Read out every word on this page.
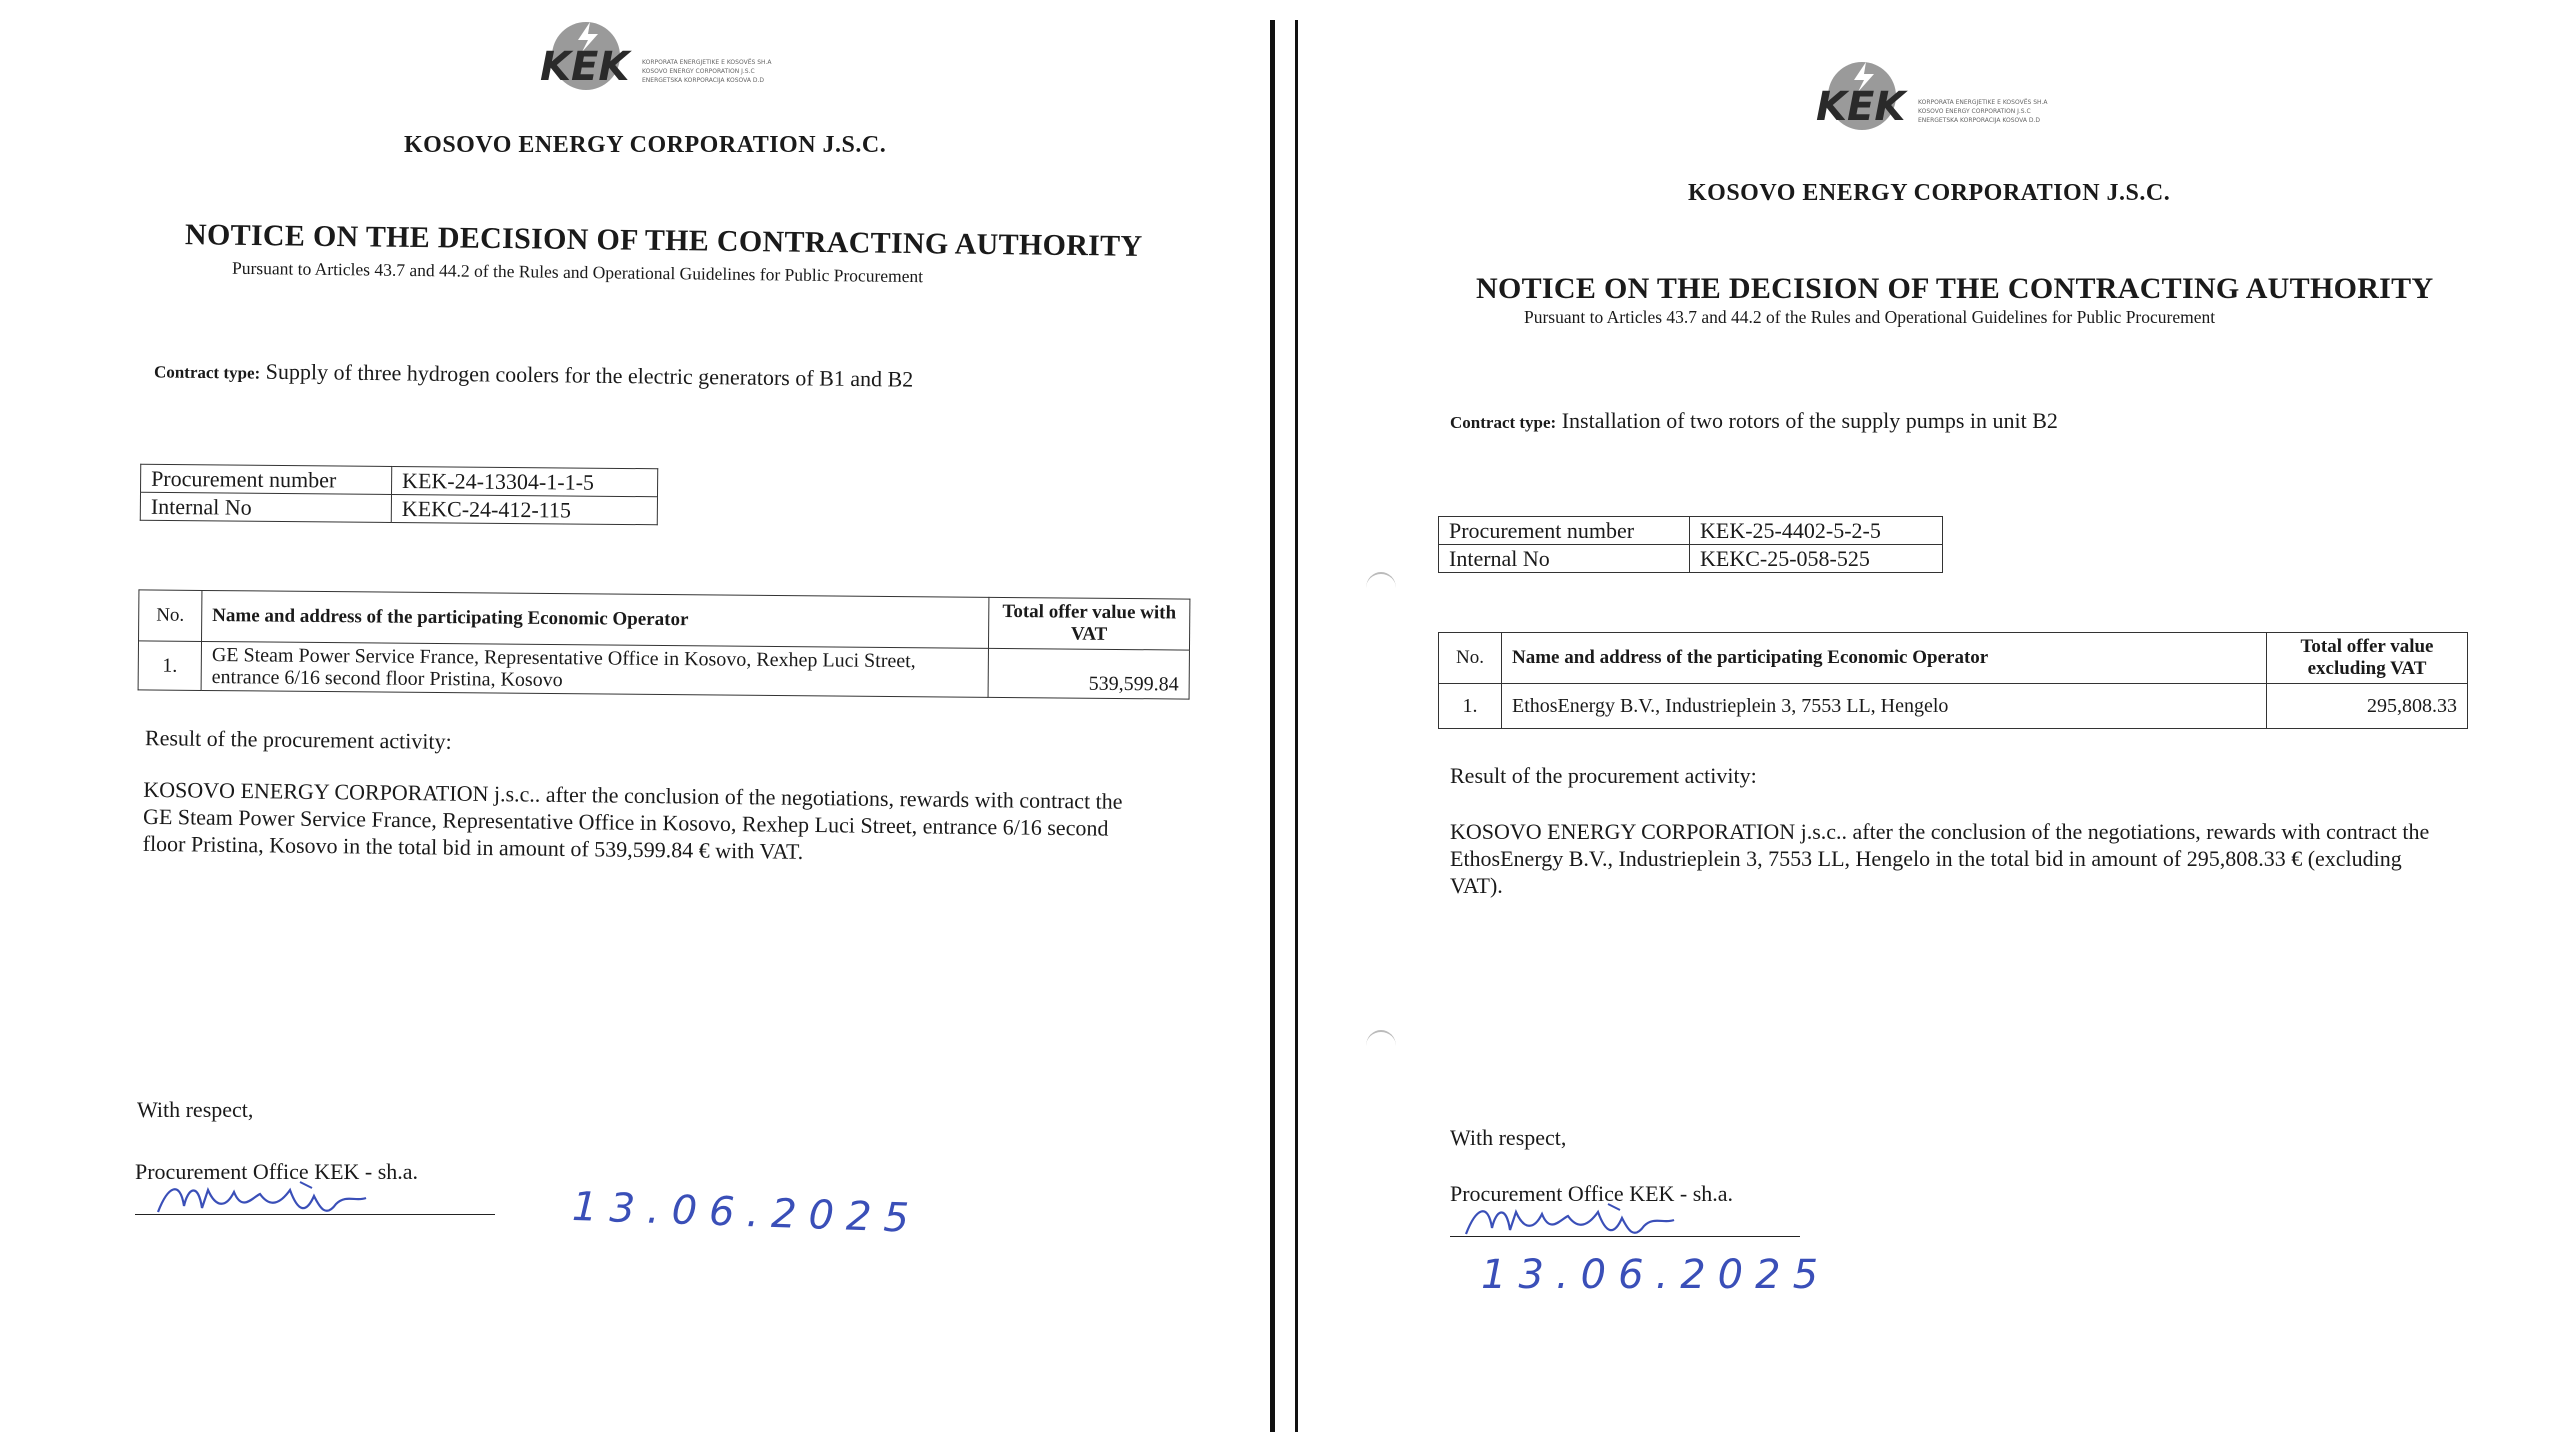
KEK	KORPORATA ENERGJETIKE E KOSOVËS SH.A
KOSOVO ENERGY CORPORATION J.S.C
ENERGETSKA KORPORACIJA KOSOVA D.D
KOSOVO ENERGY CORPORATION J.S.C.
NOTICE ON THE DECISION OF THE CONTRACTING AUTHORITY
Pursuant to Articles 43.7 and 44.2 of the Rules and Operational Guidelines for Public Procurement
Contract type: Supply of three hydrogen coolers for the electric generators of B1 and B2
Procurement number	KEK-24-13304-1-1-5
Internal No	KEKC-24-412-115
No.	Name and address of the participating Economic Operator	Total offer value with VAT
1.	GE Steam Power Service France, Representative Office in Kosovo, Rexhep Luci Street, entrance 6/16 second floor Pristina, Kosovo	539,599.84
Result of the procurement activity:
KOSOVO ENERGY CORPORATION j.s.c.. after the conclusion of the negotiations, rewards with contract the GE Steam Power Service France, Representative Office in Kosovo, Rexhep Luci Street, entrance 6/16 second floor Pristina, Kosovo in the total bid in amount of 539,599.84 € with VAT.
With respect,
Procurement Office KEK - sh.a.
13.06.2025
KEK	KORPORATA ENERGJETIKE E KOSOVËS SH.A
KOSOVO ENERGY CORPORATION J.S.C
ENERGETSKA KORPORACIJA KOSOVA D.D
KOSOVO ENERGY CORPORATION J.S.C.
NOTICE ON THE DECISION OF THE CONTRACTING AUTHORITY
Pursuant to Articles 43.7 and 44.2 of the Rules and Operational Guidelines for Public Procurement
Contract type: Installation of two rotors of the supply pumps in unit B2
Procurement number	KEK-25-4402-5-2-5
Internal No	KEKC-25-058-525
No.	Name and address of the participating Economic Operator	Total offer value excluding VAT
1.	EthosEnergy B.V., Industrieplein 3, 7553 LL, Hengelo	295,808.33
Result of the procurement activity:
KOSOVO ENERGY CORPORATION j.s.c.. after the conclusion of the negotiations, rewards with contract the EthosEnergy B.V., Industrieplein 3, 7553 LL, Hengelo in the total bid in amount of 295,808.33 € (excluding VAT).
With respect,
Procurement Office KEK - sh.a.
13.06.2025
